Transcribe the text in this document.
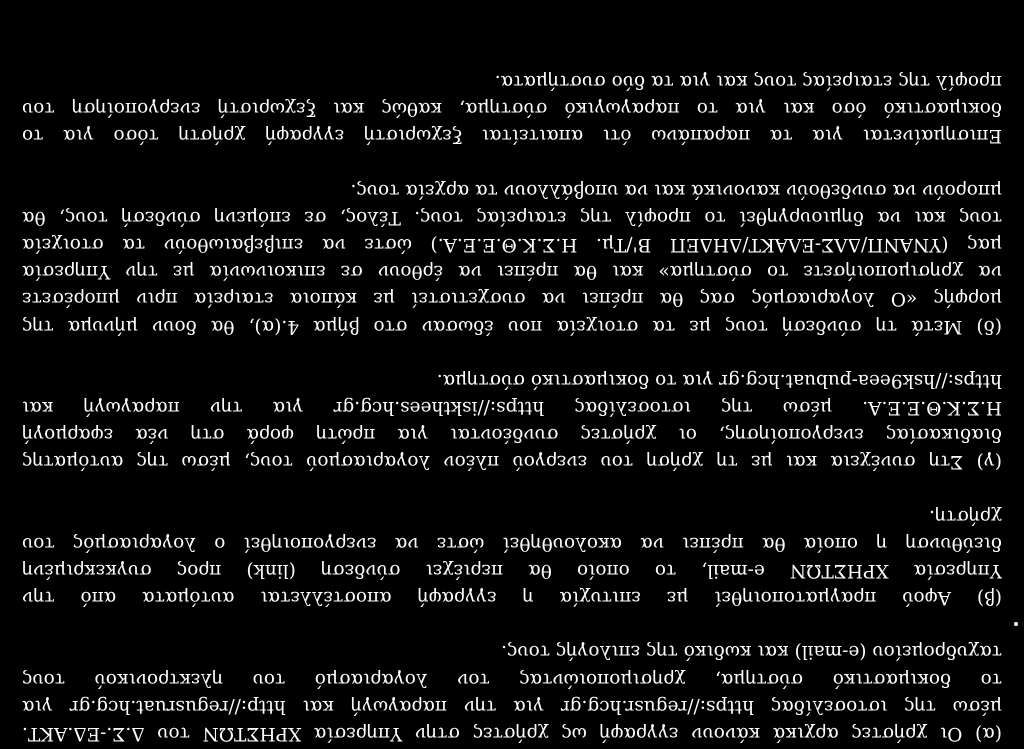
(α) Οι χρήστες αρχικά κάνουν εγγραφή ως χρήστες στην Υπηρεσία ΧΡΗΣΤΩΝ του Δ.Σ.-ΕΔ.ΑΚΤ.
μέσω της ιστοσελίδας https://regusr.hcg.gr για την παραγωγή και http://regusruat.hcg.gr για
το δοκιμαστικό σύστημα, χρησιμοποιώντας τον λογαριασμό του ηλεκτρονικού τους
ταχυδρομείου (e-mail) και κωδικό της επιλογής τους.

(β) Αφού πραγματοποιηθεί με επιτυχία η εγγραφή αποστέλλεται αυτόματα από την
Υπηρεσία ΧΡΗΣΤΩΝ e-mail, το οποίο θα περιέχει σύνδεση (link) προς συγκεκριμένη
διεύθυνση η οποία θα πρέπει να ακολουθηθεί ώστε να ενεργοποιηθεί ο λογαριασμός του
χρήστη.

(γ) Στη συνέχεια και με τη χρήση του ενεργού πλέον λογαριασμού τους, μέσω της αυτόματης
διαδικασίας ενεργοποίησης, οι χρήστες συνδέονται για πρώτη φορά στη νέα εφαρμογή
Η.Σ.Κ.Θ.Ε.Ε.Α. μέσω της ιστοσελίδας https://iskthees.hcg.gr για την παραγωγή και
https://hsk9eea-pubuat.hcg.gr για το δοκιμαστικό σύστημα.

(δ) Μετά τη σύνδεσή τους με τα στοιχεία που έδωσαν στο βήμα 4.(α), θα δουν μήνυμα της
μορφής «Ο λογαριασμός σας θα πρέπει να συσχετιστεί με κάποια εταιρεία πριν μπορέσετε
να χρησιμοποιήσετε το σύστημα» και θα πρέπει να έρθουν σε επικοινωνία με την Υπηρεσία
μας (ΥΝΑΝΠ/ΔΛΣ-ΕΛΑΚΤ/ΔΗΔΕΠ Β'/Τμ. Η.Σ.Κ.Θ.Ε.Ε.Α.) ώστε να επιβεβαιωθούν τα στοιχεία
τους και να δημιουργηθεί το προφίλ της εταιρείας τους. Τέλος, σε επόμενη σύνδεσή τους, θα
μπορούν να συνδεθούν κανονικά και να υποβάλλουν τα αρχεία τους.

Επισημαίνεται για τα παραπάνω ότι απαιτείται ξεχωριστή εγγραφή χρήστη τόσο για το
δοκιμαστικό όσο και για το παραγωγικό σύστημα, καθώς και ξεχωριστή ενεργοποίηση του
προφίλ της εταιρείας τους και για τα δύο συστήματα.
